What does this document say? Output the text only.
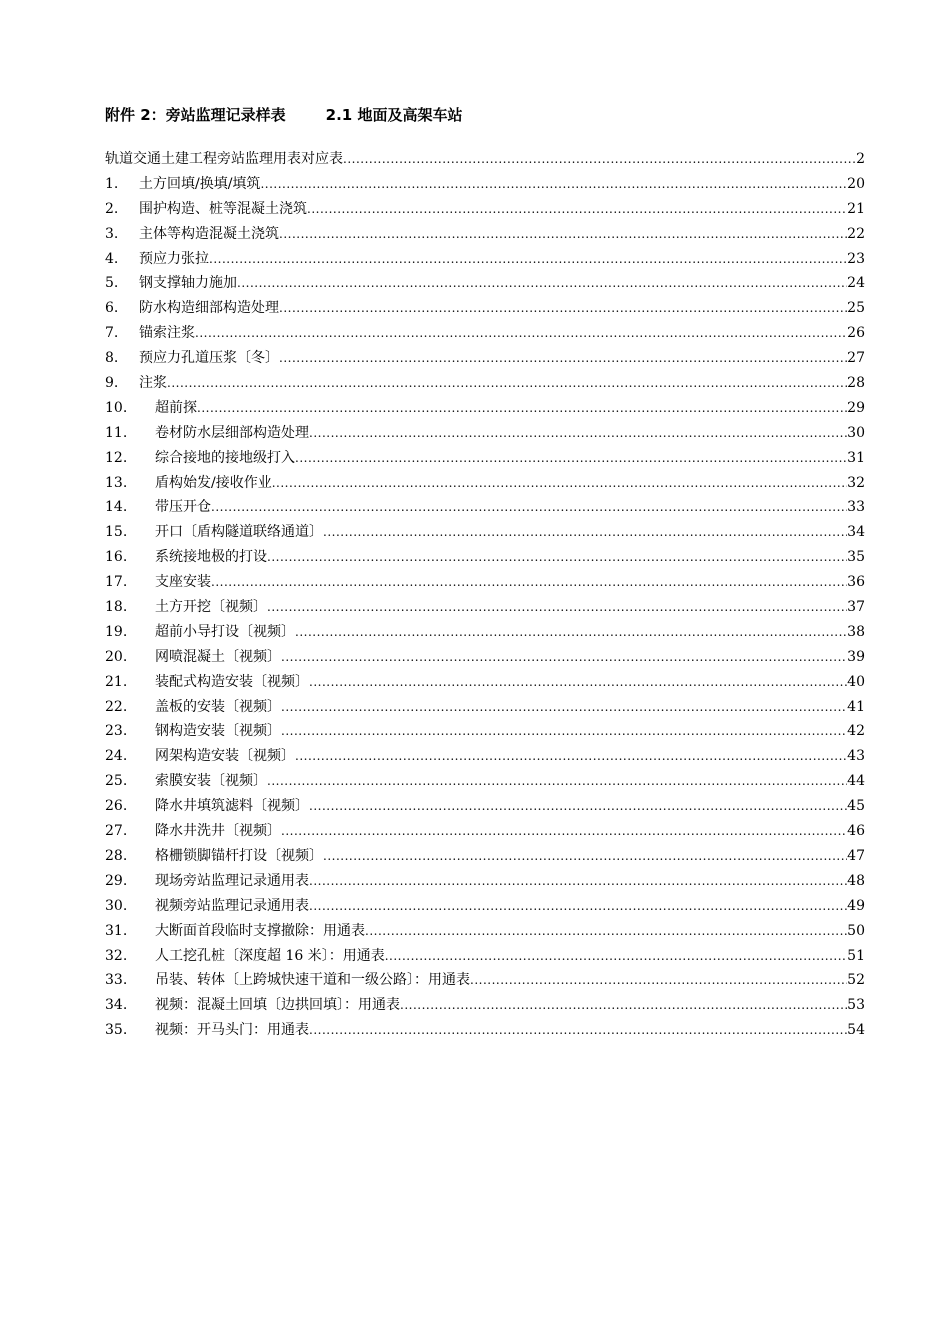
附件 2：旁站监理记录样表	2.1 地面及高架车站
轨道交通土建工程旁站监理用表对应表 .....	2
1.	土方回填/换填/填筑 .....	20
2.	围护构造、桩等混凝土浇筑 .....	21
3.	主体等构造混凝土浇筑 .....	22
4.	预应力张拉 .....	23
5.	钢支撑轴力施加 .....	24
6.	防水构造细部构造处理 .....	25
7.	锚索注浆 .....	26
8.	预应力孔道压浆〔冬〕 .....	27
9.	注浆 .....	28
10.	超前探 .....	29
11.	卷材防水层细部构造处理 .....	30
12.	综合接地的接地级打入 .....	31
13.	盾构始发/接收作业 .....	32
14.	带压开仓 .....	33
15.	开口〔盾构隧道联络通道〕 .....	34
16.	系统接地极的打设 .....	35
17.	支座安装 .....	36
18.	土方开挖〔视频〕 .....	37
19.	超前小导打设〔视频〕 .....	38
20.	网喷混凝土〔视频〕 .....	39
21.	装配式构造安装〔视频〕 .....	40
22.	盖板的安装〔视频〕 .....	41
23.	钢构造安装〔视频〕 .....	42
24.	网架构造安装〔视频〕 .....	43
25.	索膜安装〔视频〕 .....	44
26.	降水井填筑滤料〔视频〕 .....	45
27.	降水井洗井〔视频〕 .....	46
28.	格栅锁脚锚杆打设〔视频〕 .....	47
29.	现场旁站监理记录通用表 .....	48
30.	视频旁站监理记录通用表 .....	49
31.	大断面首段临时支撑撤除：用通表 .....	50
32.	人工挖孔桩〔深度超 16 米〕：用通表 .....	51
33.	吊装、转体〔上跨城快速干道和一级公路〕：用通表 .....	52
34.	视频：混凝土回填〔边拱回填〕：用通表 .....	53
35.	视频：开马头门：用通表 .....	54
